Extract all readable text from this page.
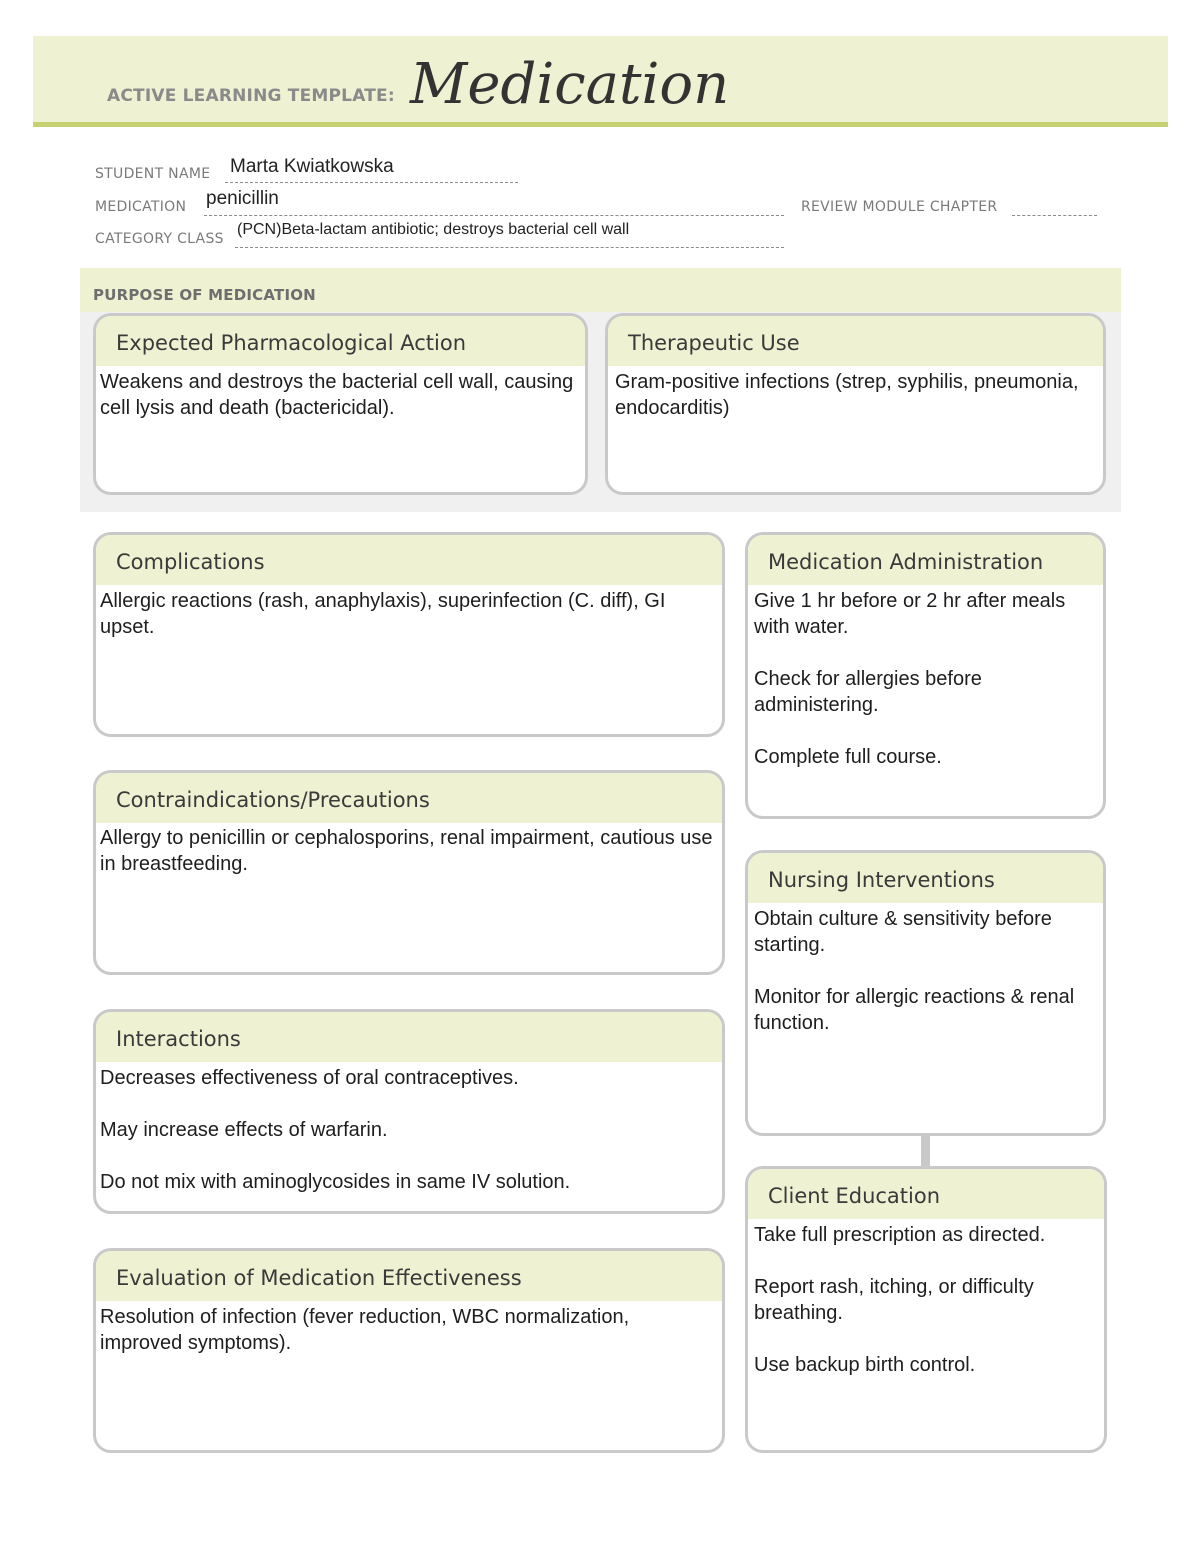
ACTIVE LEARNING TEMPLATE: Medication
STUDENT NAME Marta Kwiatkowska
MEDICATION penicillin	REVIEW MODULE CHAPTER
CATEGORY CLASS
(PCN)Beta-lactam antibiotic; destroys bacterial cell wall
PURPOSE OF MEDICATION
Expected Pharmacological Action

Weakens and destroys the bacterial cell wall, causing cell lysis and death (bactericidal).

Therapeutic Use

Gram-positive infections (strep, syphilis, pneumonia, endocarditis)

Complications

Allergic reactions (rash, anaphylaxis), superinfection (C. diff), GI upset.

Contraindications/Precautions

Allergy to penicillin or cephalosporins, renal impairment, cautious use in breastfeeding.

Interactions

Decreases effectiveness of oral contraceptives.

May increase effects of warfarin.

Do not mix with aminoglycosides in same IV solution.

Evaluation of Medication Effectiveness

Resolution of infection (fever reduction, WBC normalization, improved symptoms).

Medication Administration

Give 1 hr before or 2 hr after meals with water.

Check for allergies before administering.

Complete full course.

Nursing Interventions

Obtain culture & sensitivity before starting.

Monitor for allergic reactions & renal function.

Client Education

Take full prescription as directed.

Report rash, itching, or difficulty breathing.

Use backup birth control.
